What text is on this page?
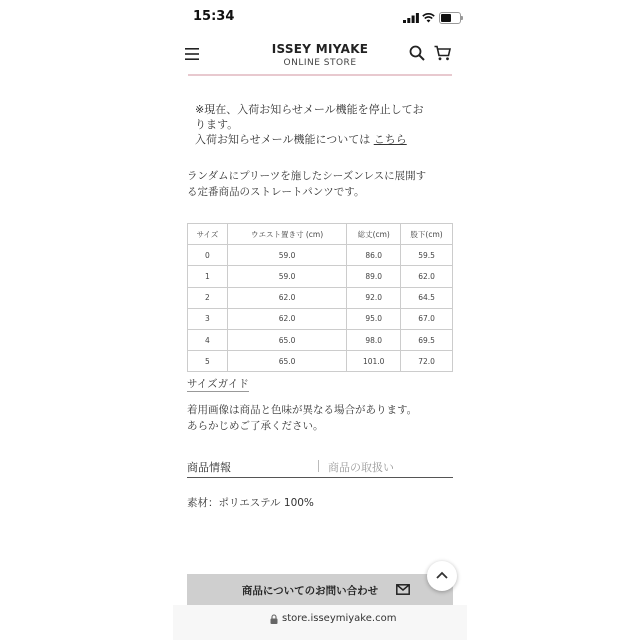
15:34
ISSEY MIYAKE
ONLINE STORE
※現在、入荷お知らせメール機能を停止してお
ります。
入荷お知らせメール機能については こちら
ランダムにプリーツを施したシーズンレスに展開す
る定番商品のストレートパンツです。
サイズ	ウエスト置き寸 (cm)	総丈(cm)	股下(cm)
0	59.0	86.0	59.5
1	59.0	89.0	62.0
2	62.0	92.0	64.5
3	62.0	95.0	67.0
4	65.0	98.0	69.5
5	65.0	101.0	72.0
サイズガイド
着用画像は商品と色味が異なる場合があります。
あらかじめご了承ください。
商品情報	商品の取扱い
素材：ポリエステル 100%
商品についてのお問い合わせ
store.isseymiyake.com
